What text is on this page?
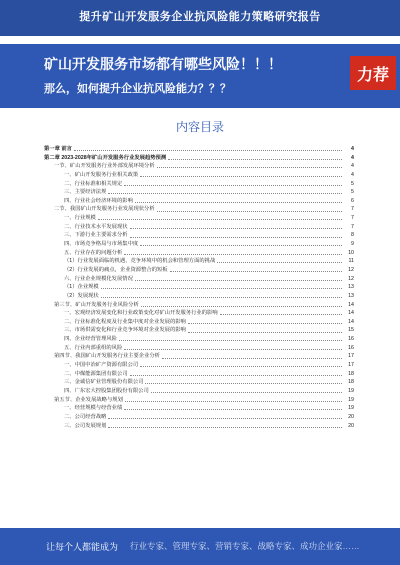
提升矿山开发服务企业抗风险能力策略研究报告
矿山开发服务市场都有哪些风险！！！
那么，如何提升企业抗风险能力？？？
力荐
内容目录
第一章 前言	4
第二章 2023-2028年矿山开发服务行业发展趋势预测	4
一节、矿山开发服务行业外部发展环境分析	4
一、矿山开发服务行业相关政策	4
二、行业标准和相关规定	5
三、主要经济法规	5
四、行业社会经济环境的影响	6
二节、我国矿山开发服务行业发展现状分析	7
一、行业规模	7
二、行业技术水平发展现状	7
三、下游行业主要需求分析	8
四、市场竞争格局与市场集中度	9
五、行业存在的问题分析	10
（1）行业发展面临的机遇，竞争环境中的机会和管理方面的挑战	11
（2）行业发展的痛点，企业资源整合的短板	12
六、行业企业规模化发展情况	12
（1）企业规模	13
（2）发展现状	13
第三节、矿山开发服务行业风险分析	14
一、宏观经济发展变化和行业政策变化对矿山开发服务行业的影响	14
二、行业标准化程度及行业集中度对企业发展的影响	14
三、市场供需变化和行业竞争环境对企业发展的影响	15
四、企业经营管理风险	16
五、行业内部重组的风险	16
第四节、我国矿山开发服务行业主要企业分析	17
一、中国中冶矿产资源有限公司	17
二、中煤能源集团有限公司	18
三、金诚信矿业管理股份有限公司	18
四、广东宏大控股集团股份有限公司	19
第五节、企业发展战略与规划	19
一、经营规模与经营业绩	19
二、公司经营战略	20
三、公司发展规划	20
让每个人都能成为 行业专家、管理专家、营销专家、战略专家、成功企业家……
